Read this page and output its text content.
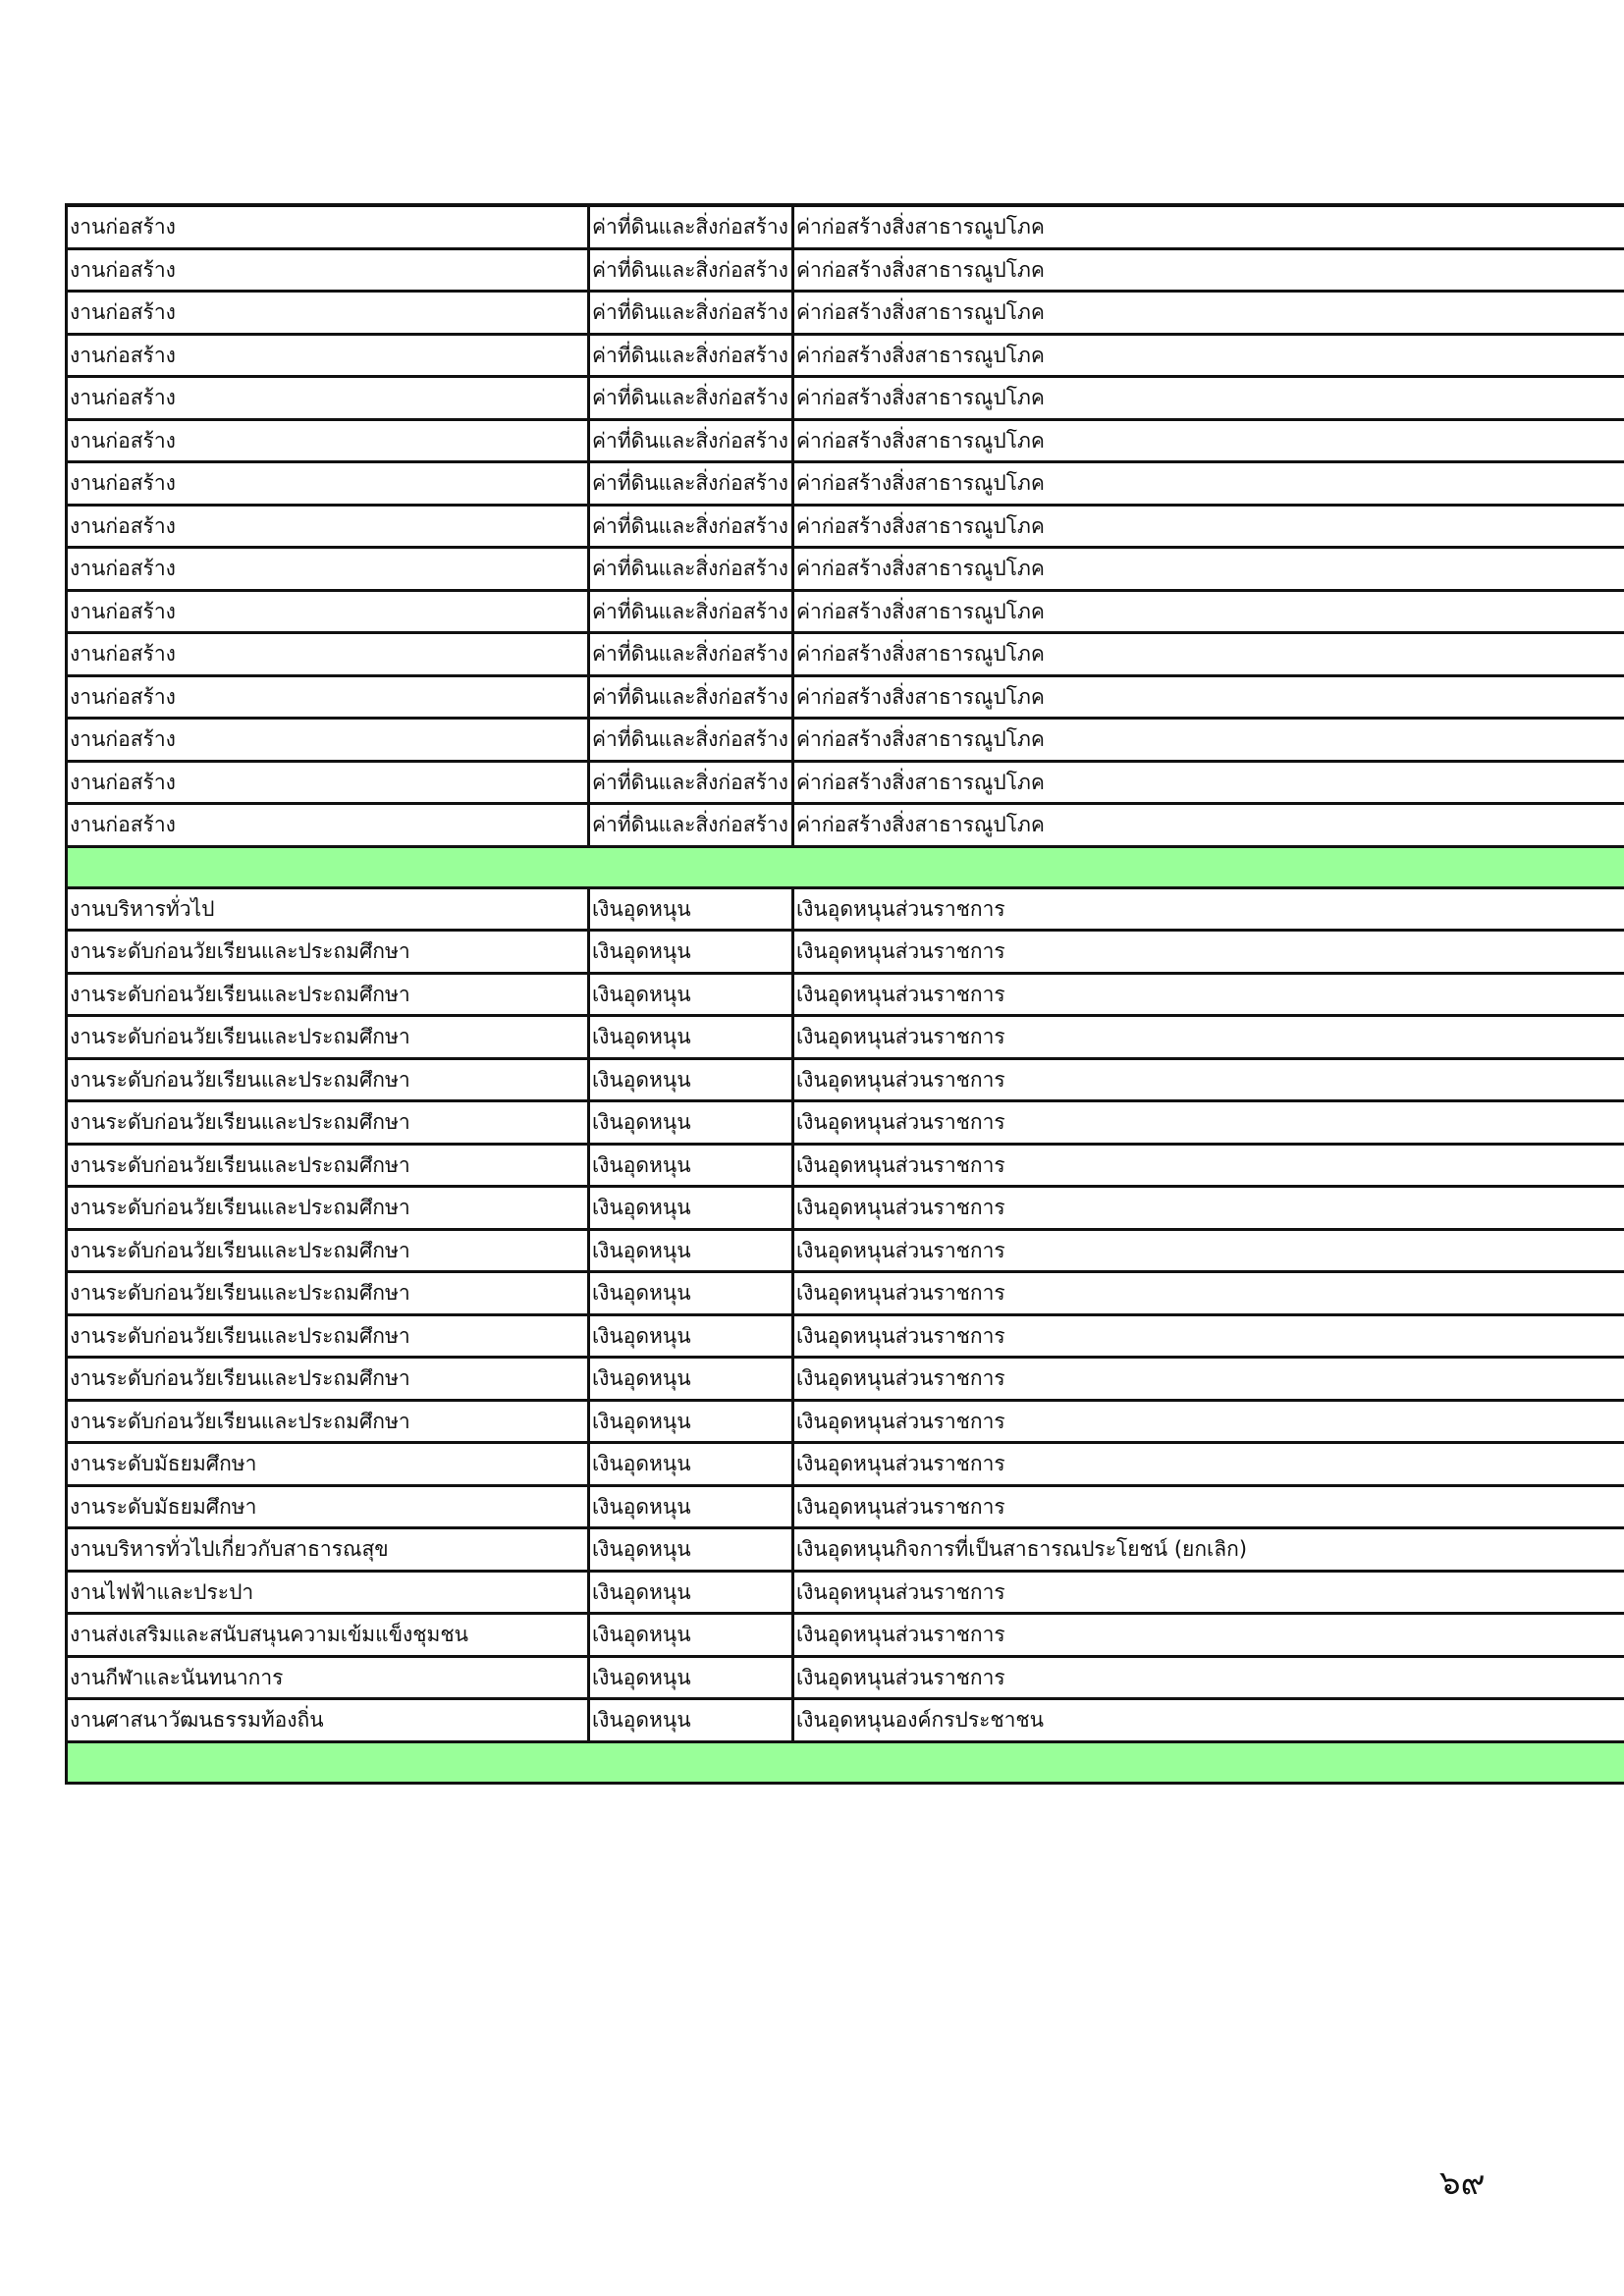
งานก่อสร้าง	ค่าที่ดินและสิ่งก่อสร้าง	ค่าก่อสร้างสิ่งสาธารณูปโภค
งานก่อสร้าง	ค่าที่ดินและสิ่งก่อสร้าง	ค่าก่อสร้างสิ่งสาธารณูปโภค
งานก่อสร้าง	ค่าที่ดินและสิ่งก่อสร้าง	ค่าก่อสร้างสิ่งสาธารณูปโภค
งานก่อสร้าง	ค่าที่ดินและสิ่งก่อสร้าง	ค่าก่อสร้างสิ่งสาธารณูปโภค
งานก่อสร้าง	ค่าที่ดินและสิ่งก่อสร้าง	ค่าก่อสร้างสิ่งสาธารณูปโภค
งานก่อสร้าง	ค่าที่ดินและสิ่งก่อสร้าง	ค่าก่อสร้างสิ่งสาธารณูปโภค
งานก่อสร้าง	ค่าที่ดินและสิ่งก่อสร้าง	ค่าก่อสร้างสิ่งสาธารณูปโภค
งานก่อสร้าง	ค่าที่ดินและสิ่งก่อสร้าง	ค่าก่อสร้างสิ่งสาธารณูปโภค
งานก่อสร้าง	ค่าที่ดินและสิ่งก่อสร้าง	ค่าก่อสร้างสิ่งสาธารณูปโภค
งานก่อสร้าง	ค่าที่ดินและสิ่งก่อสร้าง	ค่าก่อสร้างสิ่งสาธารณูปโภค
งานก่อสร้าง	ค่าที่ดินและสิ่งก่อสร้าง	ค่าก่อสร้างสิ่งสาธารณูปโภค
งานก่อสร้าง	ค่าที่ดินและสิ่งก่อสร้าง	ค่าก่อสร้างสิ่งสาธารณูปโภค
งานก่อสร้าง	ค่าที่ดินและสิ่งก่อสร้าง	ค่าก่อสร้างสิ่งสาธารณูปโภค
งานก่อสร้าง	ค่าที่ดินและสิ่งก่อสร้าง	ค่าก่อสร้างสิ่งสาธารณูปโภค
งานก่อสร้าง	ค่าที่ดินและสิ่งก่อสร้าง	ค่าก่อสร้างสิ่งสาธารณูปโภค

งานบริหารทั่วไป	เงินอุดหนุน	เงินอุดหนุนส่วนราชการ
งานระดับก่อนวัยเรียนและประถมศึกษา	เงินอุดหนุน	เงินอุดหนุนส่วนราชการ
งานระดับก่อนวัยเรียนและประถมศึกษา	เงินอุดหนุน	เงินอุดหนุนส่วนราชการ
งานระดับก่อนวัยเรียนและประถมศึกษา	เงินอุดหนุน	เงินอุดหนุนส่วนราชการ
งานระดับก่อนวัยเรียนและประถมศึกษา	เงินอุดหนุน	เงินอุดหนุนส่วนราชการ
งานระดับก่อนวัยเรียนและประถมศึกษา	เงินอุดหนุน	เงินอุดหนุนส่วนราชการ
งานระดับก่อนวัยเรียนและประถมศึกษา	เงินอุดหนุน	เงินอุดหนุนส่วนราชการ
งานระดับก่อนวัยเรียนและประถมศึกษา	เงินอุดหนุน	เงินอุดหนุนส่วนราชการ
งานระดับก่อนวัยเรียนและประถมศึกษา	เงินอุดหนุน	เงินอุดหนุนส่วนราชการ
งานระดับก่อนวัยเรียนและประถมศึกษา	เงินอุดหนุน	เงินอุดหนุนส่วนราชการ
งานระดับก่อนวัยเรียนและประถมศึกษา	เงินอุดหนุน	เงินอุดหนุนส่วนราชการ
งานระดับก่อนวัยเรียนและประถมศึกษา	เงินอุดหนุน	เงินอุดหนุนส่วนราชการ
งานระดับก่อนวัยเรียนและประถมศึกษา	เงินอุดหนุน	เงินอุดหนุนส่วนราชการ
งานระดับมัธยมศึกษา	เงินอุดหนุน	เงินอุดหนุนส่วนราชการ
งานระดับมัธยมศึกษา	เงินอุดหนุน	เงินอุดหนุนส่วนราชการ
งานบริหารทั่วไปเกี่ยวกับสาธารณสุข	เงินอุดหนุน	เงินอุดหนุนกิจการที่เป็นสาธารณประโยชน์ (ยกเลิก)
งานไฟฟ้าและประปา	เงินอุดหนุน	เงินอุดหนุนส่วนราชการ
งานส่งเสริมและสนับสนุนความเข้มแข็งชุมชน	เงินอุดหนุน	เงินอุดหนุนส่วนราชการ
งานกีฬาและนันทนาการ	เงินอุดหนุน	เงินอุดหนุนส่วนราชการ
งานศาสนาวัฒนธรรมท้องถิ่น	เงินอุดหนุน	เงินอุดหนุนองค์กรประชาชน

๖๙
